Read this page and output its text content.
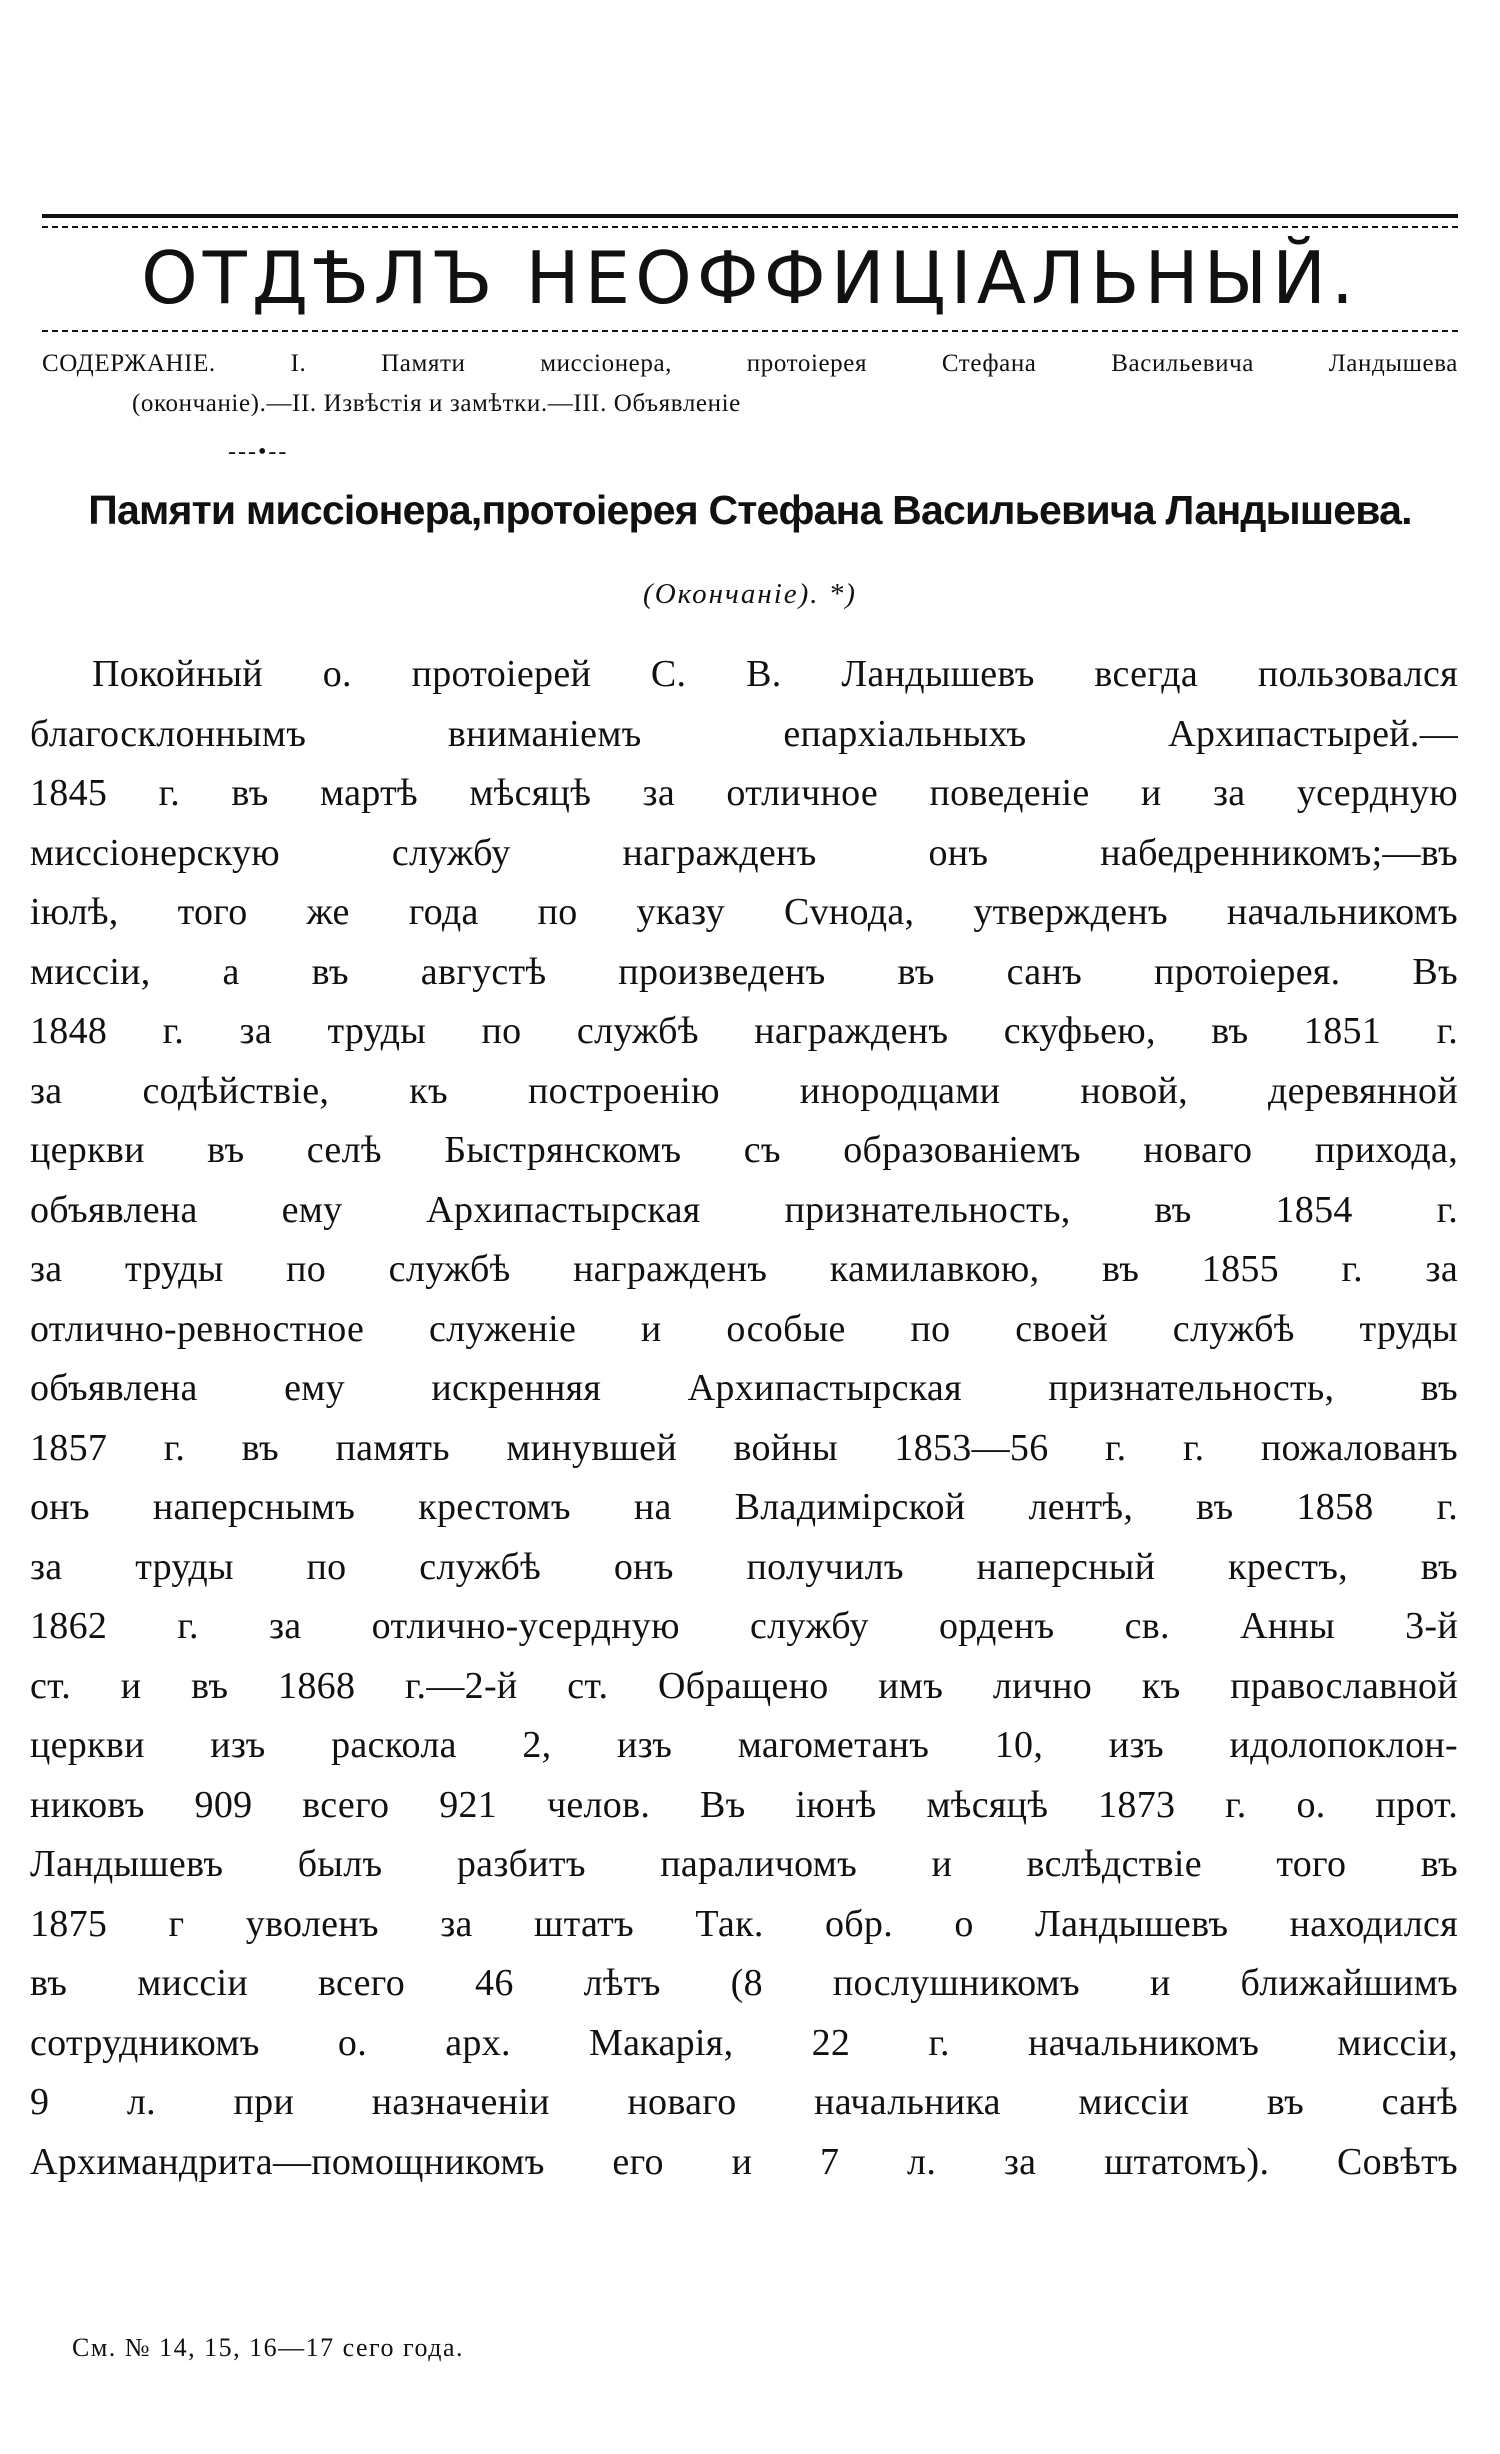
ОТДѢЛЪ НЕОФФИЦIАЛЬНЫЙ.
СОДЕРЖАНIЕ. I. Памяти миссiонера, протоiерея Стефана Васильевича Ландышева
(окончанiе).—II. Извѣстiя и замѣтки.—III. Объявленiе
---•--
Памяти миссiонера,протоiерея Стефана Васильевича Ландышева.
(Окончанiе). *)
Покойный о. протоiерей С. В. Ландышевъ всегда пользовался
благосклоннымъ вниманiемъ епархiальныхъ Архипастырей.—
1845 г. въ мартѣ мѣсяцѣ за отличное поведенiе и за усердную
миссiонерскую службу награжденъ онъ набедренникомъ;—въ
iюлѣ, того же года по указу Сvнода, утвержденъ начальникомъ
миссiи, а въ августѣ произведенъ въ санъ протоiерея. Въ
1848 г. за труды по службѣ награжденъ скуфьею, въ 1851 г.
за содѣйствiе, къ построенiю инородцами новой, деревянной
церкви въ селѣ Быстрянскомъ съ образованiемъ новаго прихода,
объявлена ему Архипастырская признательность, въ 1854 г.
за труды по службѣ награжденъ камилавкою, въ 1855 г. за
отлично-ревностное служенiе и особые по своей службѣ труды
объявлена ему искренняя Архипастырская признательность, въ
1857 г. въ память минувшей войны 1853—56 г. г. пожалованъ
онъ наперснымъ крестомъ на Владимiрской лентѣ, въ 1858 г.
за труды по службѣ онъ получилъ наперсный крестъ, въ
1862 г. за отлично-усердную службу орденъ св. Анны 3-й
ст. и въ 1868 г.—2-й ст. Обращено имъ лично къ православной
церкви изъ раскола 2, изъ магометанъ 10, изъ идолопоклон-
никовъ 909 всего 921 челов. Въ iюнѣ мѣсяцѣ 1873 г. о. прот.
Ландышевъ былъ разбитъ параличомъ и вслѣдствiе того въ
1875 г уволенъ за штатъ Так. обр. о Ландышевъ находился
въ миссiи всего 46 лѣтъ (8 послушникомъ и ближайшимъ
сотрудникомъ о. арх. Макарiя, 22 г. начальникомъ миссiи,
9 л. при назначенiи новаго начальника миссiи въ санѣ
Архимандрита—помощникомъ его и 7 л. за штатомъ). Совѣтъ
См. № 14, 15, 16—17 сего года.
